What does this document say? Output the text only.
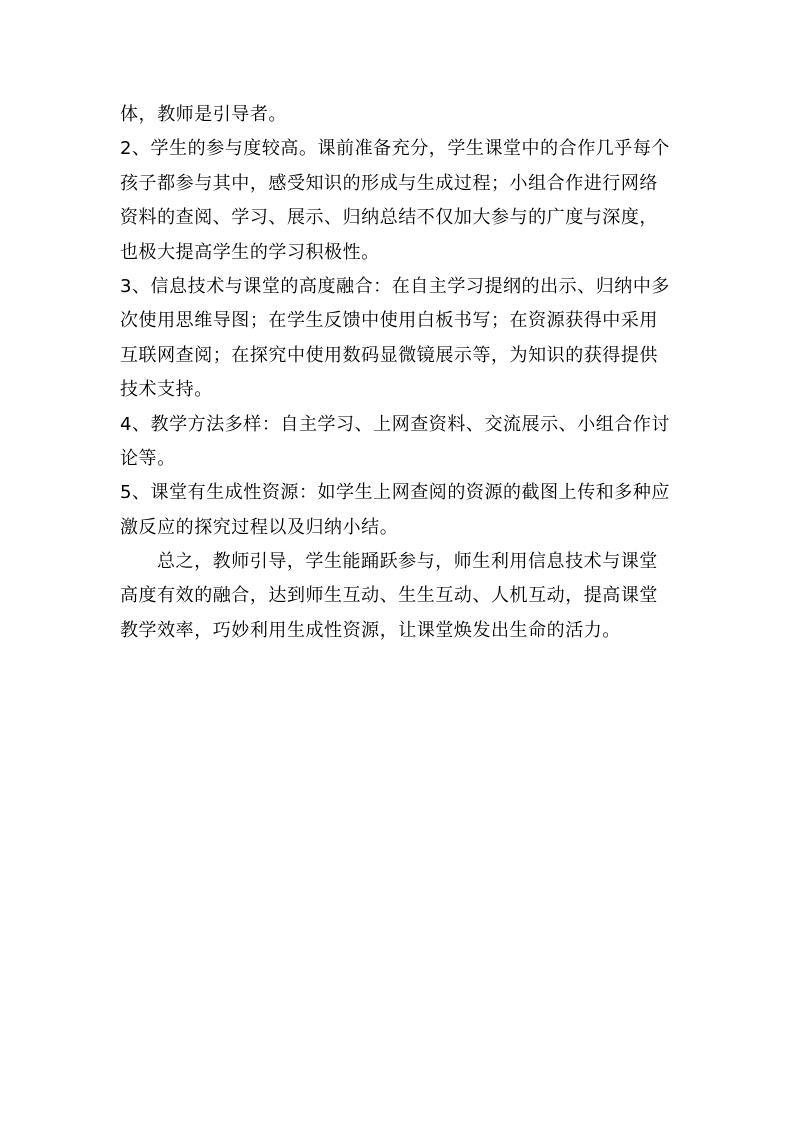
体，教师是引导者。
2、学生的参与度较高。课前准备充分，学生课堂中的合作几乎每个
孩子都参与其中，感受知识的形成与生成过程；小组合作进行网络
资料的查阅、学习、展示、归纳总结不仅加大参与的广度与深度，
也极大提高学生的学习积极性。
3、信息技术与课堂的高度融合：在自主学习提纲的出示、归纳中多
次使用思维导图；在学生反馈中使用白板书写；在资源获得中采用
互联网查阅；在探究中使用数码显微镜展示等，为知识的获得提供
技术支持。
4、教学方法多样：自主学习、上网查资料、交流展示、小组合作讨
论等。
5、课堂有生成性资源：如学生上网查阅的资源的截图上传和多种应
激反应的探究过程以及归纳小结。
总之，教师引导，学生能踊跃参与，师生利用信息技术与课堂
高度有效的融合，达到师生互动、生生互动、人机互动，提高课堂
教学效率，巧妙利用生成性资源，让课堂焕发出生命的活力。
